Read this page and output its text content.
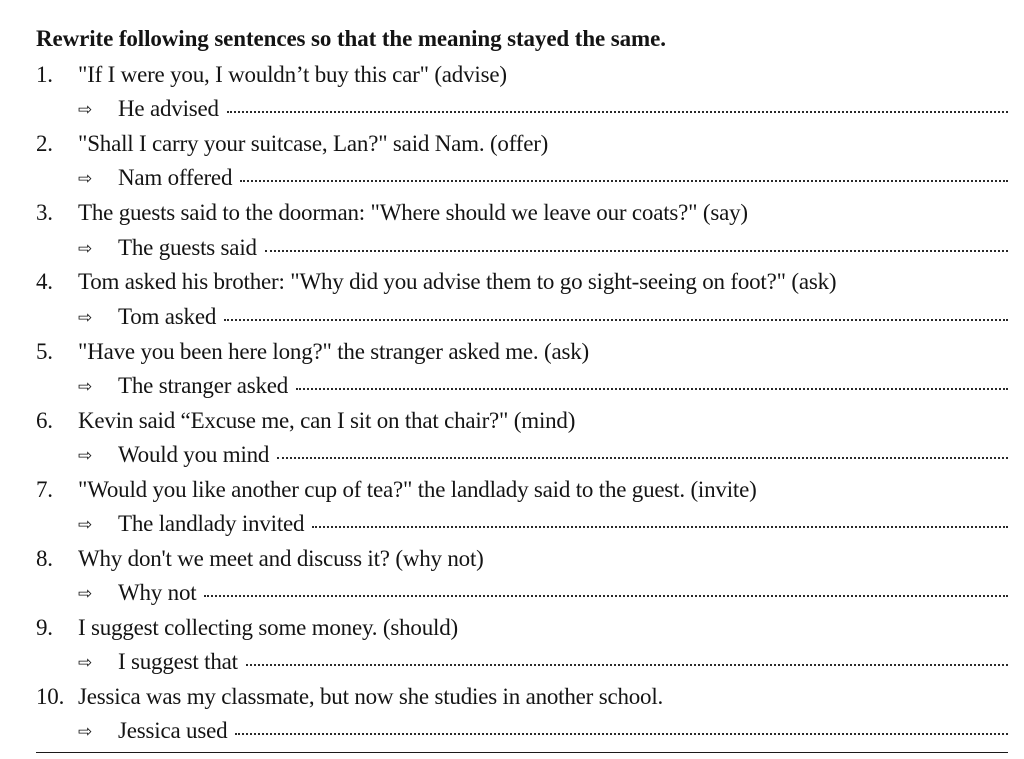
Rewrite following sentences so that the meaning stayed the same.
1. "If I were you, I wouldn’t buy this car" (advise)
⇨	He advised
2. "Shall I carry your suitcase, Lan?" said Nam. (offer)
⇨	Nam offered
3. The guests said to the doorman: "Where should we leave our coats?" (say)
⇨	The guests said
4. Tom asked his brother: "Why did you advise them to go sight-seeing on foot?" (ask)
⇨	Tom asked
5. "Have you been here long?" the stranger asked me. (ask)
⇨	The stranger asked
6. Kevin said “Excuse me, can I sit on that chair?" (mind)
⇨	Would you mind
7. "Would you like another cup of tea?" the landlady said to the guest. (invite)
⇨	The landlady invited
8. Why don't we meet and discuss it? (why not)
⇨	Why not
9. I suggest collecting some money. (should)
⇨	I suggest that
10. Jessica was my classmate, but now she studies in another school.
⇨	Jessica used
